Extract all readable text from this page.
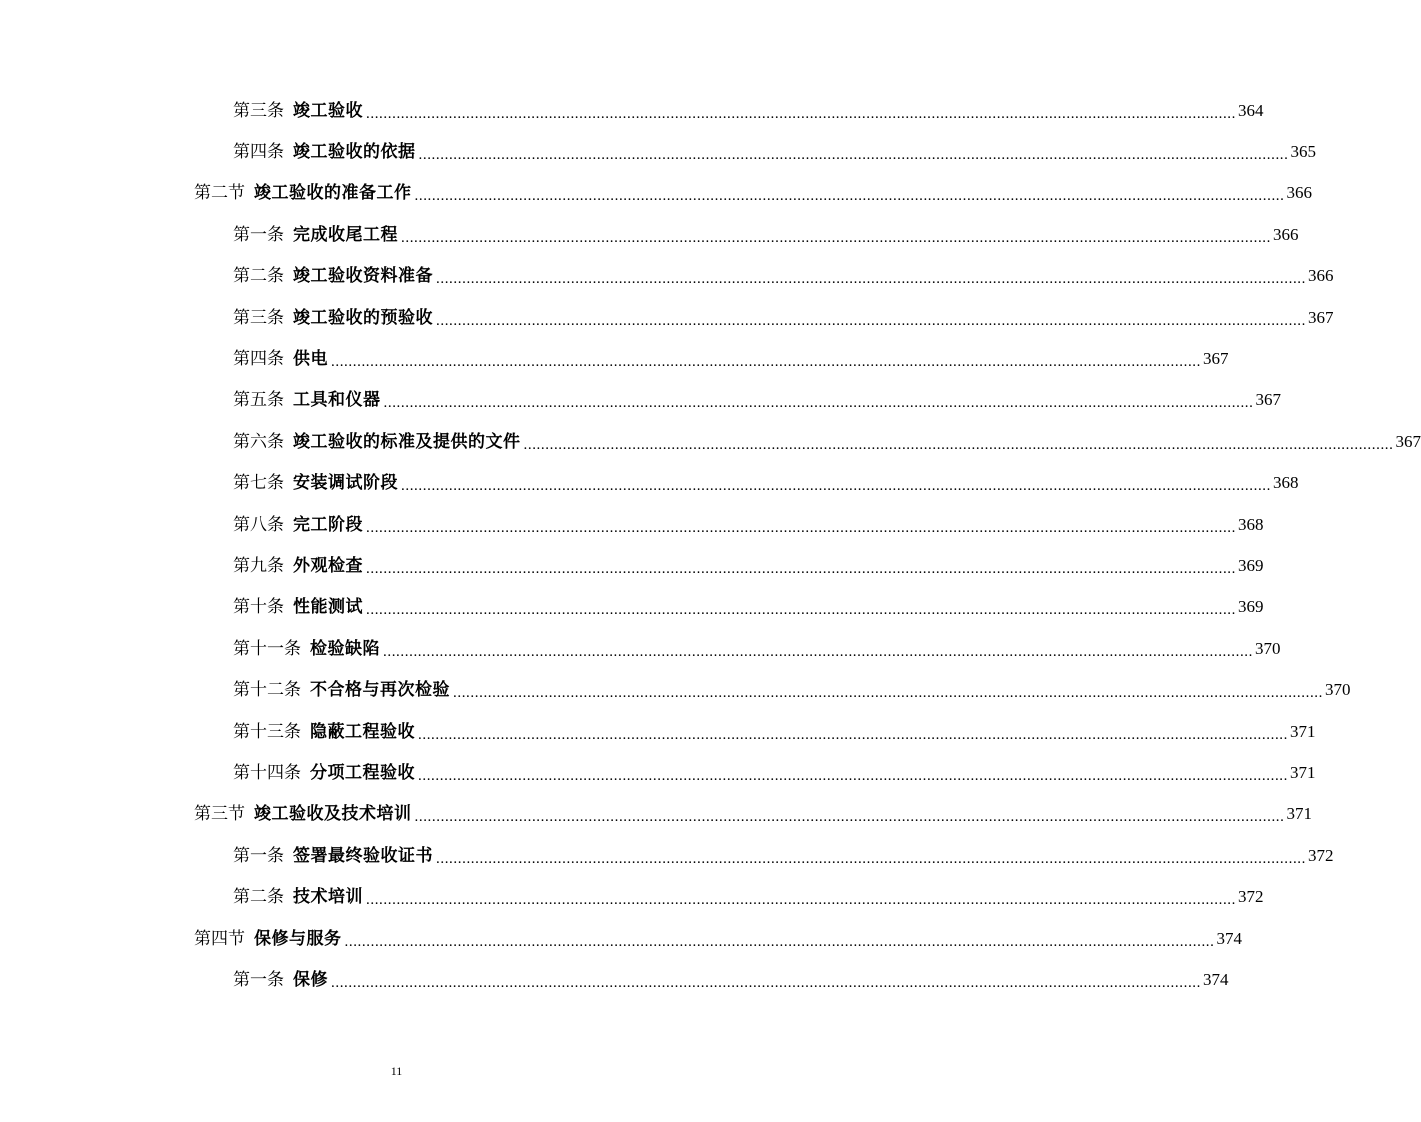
第三条 竣工验收 ........................................................................................................................................................................................................ 364
第四条 竣工验收的依据 ........................................................................................................................................................................................................ 365
第二节 竣工验收的准备工作 ........................................................................................................................................................................................................ 366
第一条 完成收尾工程 ........................................................................................................................................................................................................ 366
第二条 竣工验收资料准备 ........................................................................................................................................................................................................ 366
第三条 竣工验收的预验收 ........................................................................................................................................................................................................ 367
第四条 供电 ........................................................................................................................................................................................................ 367
第五条 工具和仪器 ........................................................................................................................................................................................................ 367
第六条 竣工验收的标准及提供的文件 ........................................................................................................................................................................................................ 367
第七条 安装调试阶段 ........................................................................................................................................................................................................ 368
第八条 完工阶段 ........................................................................................................................................................................................................ 368
第九条 外观检查 ........................................................................................................................................................................................................ 369
第十条 性能测试 ........................................................................................................................................................................................................ 369
第十一条 检验缺陷 ........................................................................................................................................................................................................ 370
第十二条 不合格与再次检验 ........................................................................................................................................................................................................ 370
第十三条 隐蔽工程验收 ........................................................................................................................................................................................................ 371
第十四条 分项工程验收 ........................................................................................................................................................................................................ 371
第三节 竣工验收及技术培训 ........................................................................................................................................................................................................ 371
第一条 签署最终验收证书 ........................................................................................................................................................................................................ 372
第二条 技术培训 ........................................................................................................................................................................................................ 372
第四节 保修与服务 ........................................................................................................................................................................................................ 374
第一条 保修 ........................................................................................................................................................................................................ 374
11
